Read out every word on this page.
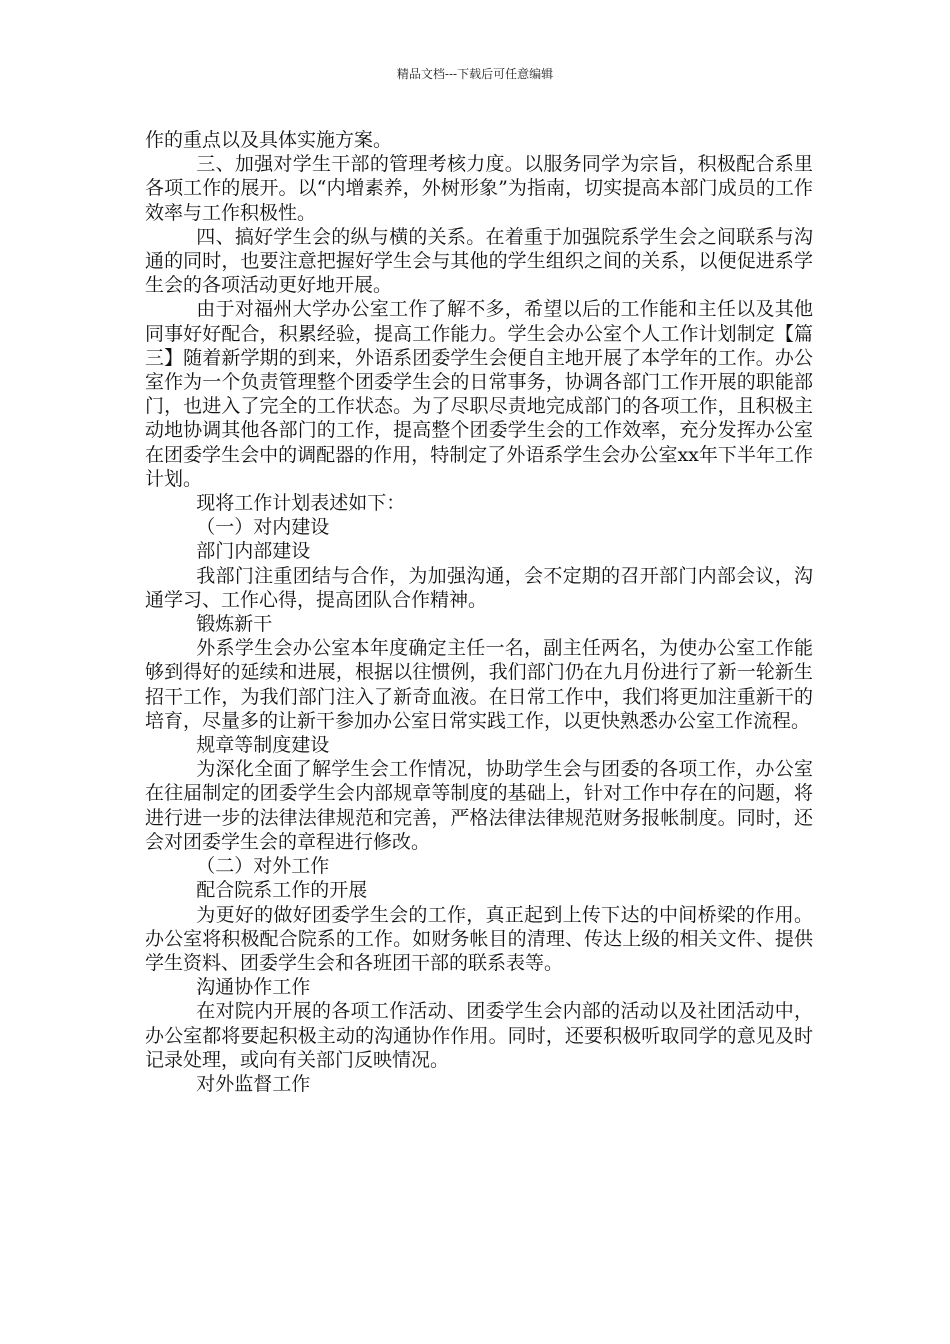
精品文档---下载后可任意编辑

作的重点以及具体实施方案。

三、加强对学生干部的管理考核力度。以服务同学为宗旨，积极配合系里各项工作的展开。以“内增素养，外树形象”为指南，切实提高本部门成员的工作效率与工作积极性。

四、搞好学生会的纵与横的关系。在着重于加强院系学生会之间联系与沟通的同时，也要注意把握好学生会与其他的学生组织之间的关系，以便促进系学生会的各项活动更好地开展。

由于对福州大学办公室工作了解不多，希望以后的工作能和主任以及其他同事好好配合，积累经验，提高工作能力。学生会办公室个人工作计划制定【篇三】随着新学期的到来，外语系团委学生会便自主地开展了本学年的工作。办公室作为一个负责管理整个团委学生会的日常事务，协调各部门工作开展的职能部门，也进入了完全的工作状态。为了尽职尽责地完成部门的各项工作，且积极主动地协调其他各部门的工作，提高整个团委学生会的工作效率，充分发挥办公室在团委学生会中的调配器的作用，特制定了外语系学生会办公室xx年下半年工作计划。

现将工作计划表述如下：

（一）对内建设

部门内部建设

我部门注重团结与合作，为加强沟通，会不定期的召开部门内部会议，沟通学习、工作心得，提高团队合作精神。

锻炼新干

外系学生会办公室本年度确定主任一名，副主任两名，为使办公室工作能够到得好的延续和进展，根据以往惯例，我们部门仍在九月份进行了新一轮新生招干工作，为我们部门注入了新奇血液。在日常工作中，我们将更加注重新干的培育，尽量多的让新干参加办公室日常实践工作，以更快熟悉办公室工作流程。

规章等制度建设

为深化全面了解学生会工作情况，协助学生会与团委的各项工作，办公室在往届制定的团委学生会内部规章等制度的基础上，针对工作中存在的问题，将进行进一步的法律法律规范和完善，严格法律法律规范财务报帐制度。同时，还会对团委学生会的章程进行修改。

（二）对外工作

配合院系工作的开展

为更好的做好团委学生会的工作，真正起到上传下达的中间桥梁的作用。办公室将积极配合院系的工作。如财务帐目的清理、传达上级的相关文件、提供学生资料、团委学生会和各班团干部的联系表等。

沟通协作工作

在对院内开展的各项工作活动、团委学生会内部的活动以及社团活动中，办公室都将要起积极主动的沟通协作作用。同时，还要积极听取同学的意见及时记录处理，或向有关部门反映情况。

对外监督工作
